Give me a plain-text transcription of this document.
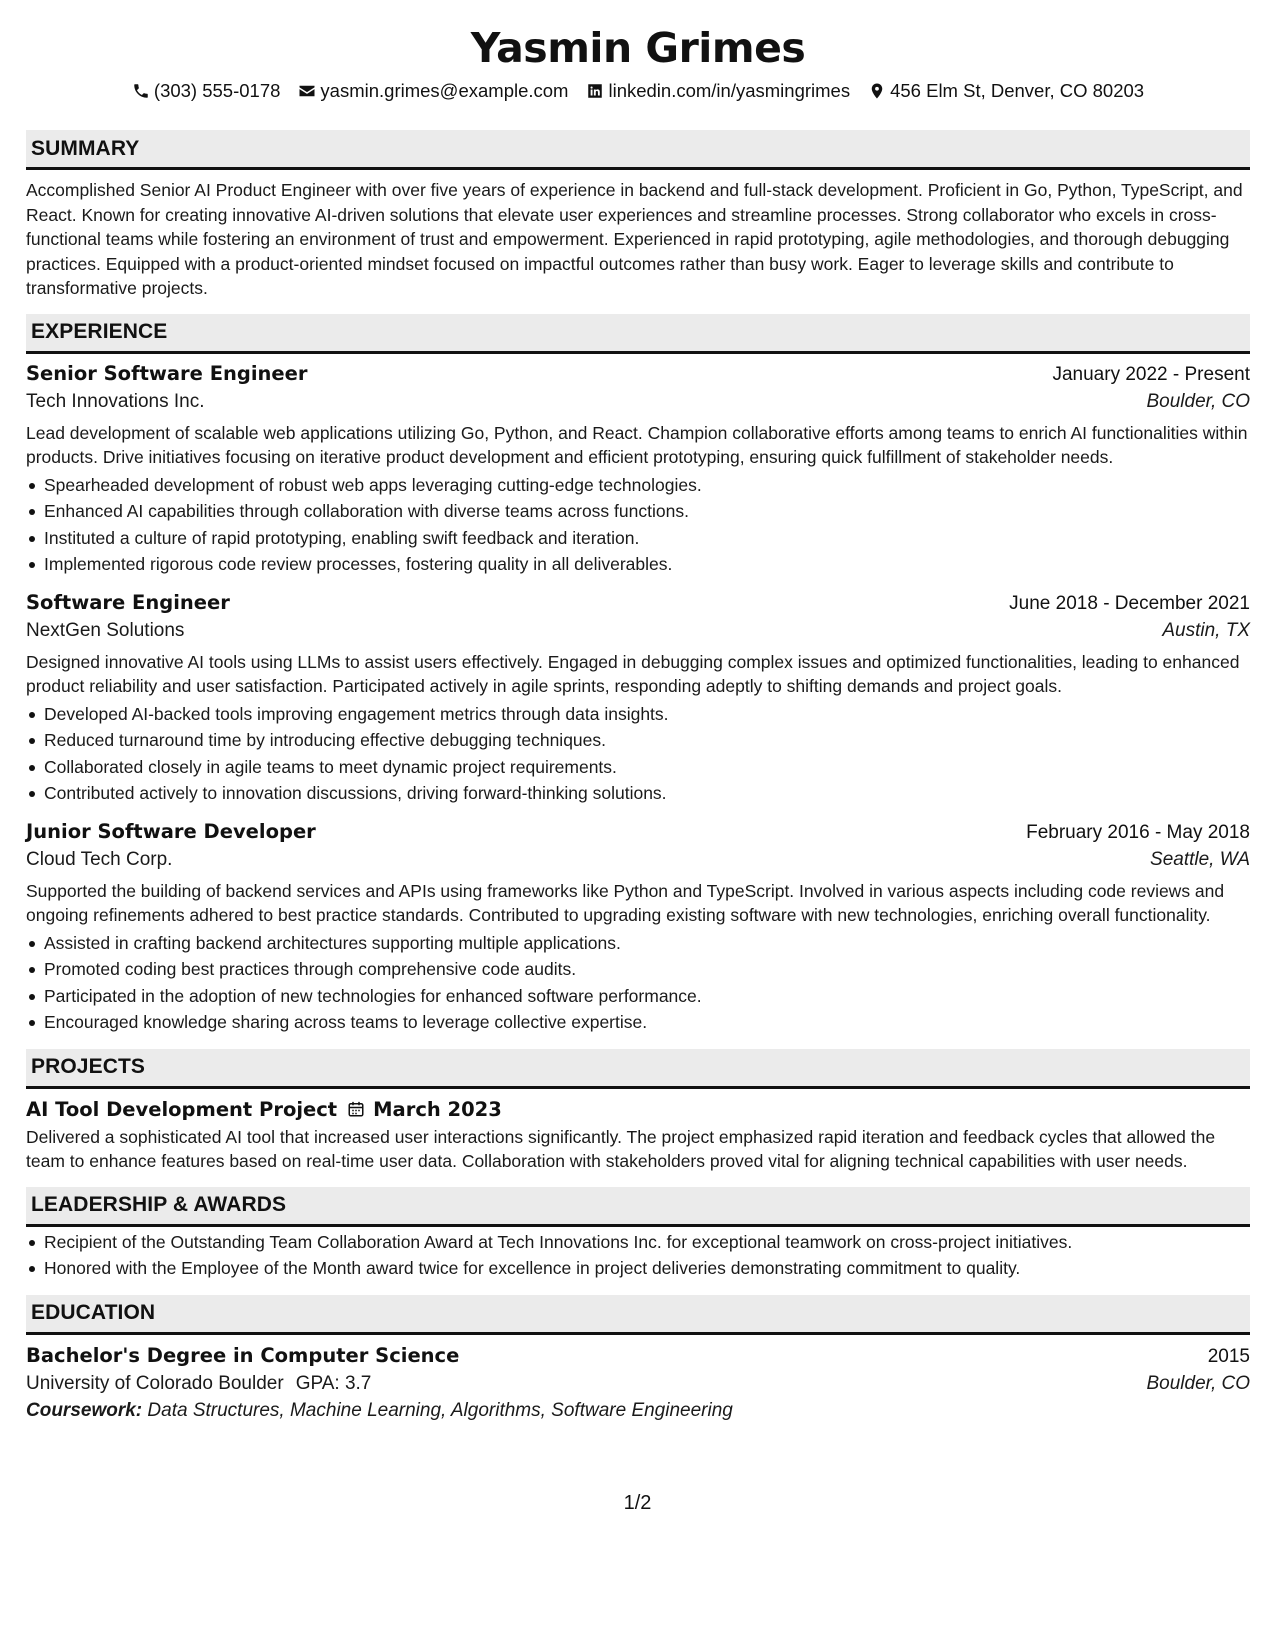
Yasmin Grimes
(303) 555-0178 yasmin.grimes@example.com linkedin.com/in/yasmingrimes 456 Elm St, Denver, CO 80203
SUMMARY

Accomplished Senior AI Product Engineer with over five years of experience in backend and full-stack development. Proficient in Go, Python, TypeScript, and React. Known for creating innovative AI-driven solutions that elevate user experiences and streamline processes. Strong collaborator who excels in cross-functional teams while fostering an environment of trust and empowerment. Experienced in rapid prototyping, agile methodologies, and thorough debugging practices. Equipped with a product-oriented mindset focused on impactful outcomes rather than busy work. Eager to leverage skills and contribute to transformative projects.

EXPERIENCE
Senior Software Engineer	January 2022 - Present
Tech Innovations Inc.	Boulder, CO

Lead development of scalable web applications utilizing Go, Python, and React. Champion collaborative efforts among teams to enrich AI functionalities within products. Drive initiatives focusing on iterative product development and efficient prototyping, ensuring quick fulfillment of stakeholder needs.

Spearheaded development of robust web apps leveraging cutting-edge technologies.
Enhanced AI capabilities through collaboration with diverse teams across functions.
Instituted a culture of rapid prototyping, enabling swift feedback and iteration.
Implemented rigorous code review processes, fostering quality in all deliverables.
Software Engineer	June 2018 - December 2021
NextGen Solutions	Austin, TX

Designed innovative AI tools using LLMs to assist users effectively. Engaged in debugging complex issues and optimized functionalities, leading to enhanced product reliability and user satisfaction. Participated actively in agile sprints, responding adeptly to shifting demands and project goals.

Developed AI-backed tools improving engagement metrics through data insights.
Reduced turnaround time by introducing effective debugging techniques.
Collaborated closely in agile teams to meet dynamic project requirements.
Contributed actively to innovation discussions, driving forward-thinking solutions.
Junior Software Developer	February 2016 - May 2018
Cloud Tech Corp.	Seattle, WA

Supported the building of backend services and APIs using frameworks like Python and TypeScript. Involved in various aspects including code reviews and ongoing refinements adhered to best practice standards. Contributed to upgrading existing software with new technologies, enriching overall functionality.

Assisted in crafting backend architectures supporting multiple applications.
Promoted coding best practices through comprehensive code audits.
Participated in the adoption of new technologies for enhanced software performance.
Encouraged knowledge sharing across teams to leverage collective expertise.
PROJECTS
AI Tool Development Project March 2023

Delivered a sophisticated AI tool that increased user interactions significantly. The project emphasized rapid iteration and feedback cycles that allowed the team to enhance features based on real-time user data. Collaboration with stakeholders proved vital for aligning technical capabilities with user needs.

LEADERSHIP & AWARDS
Recipient of the Outstanding Team Collaboration Award at Tech Innovations Inc. for exceptional teamwork on cross-project initiatives.
Honored with the Employee of the Month award twice for excellence in project deliveries demonstrating commitment to quality.
EDUCATION
Bachelor's Degree in Computer Science	2015
University of Colorado Boulder GPA: 3.7	Boulder, CO
Coursework: Data Structures, Machine Learning, Algorithms, Software Engineering
1/2
